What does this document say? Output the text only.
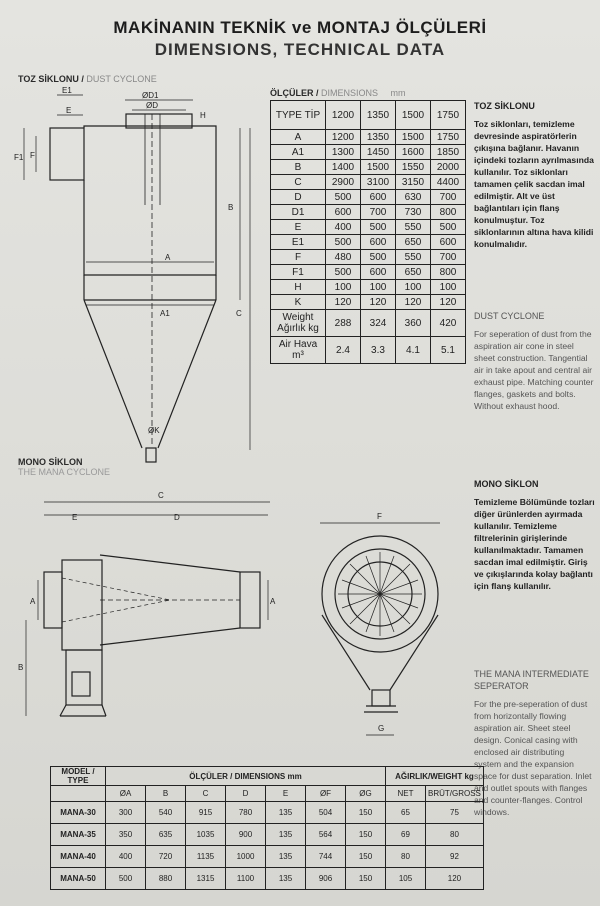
MAKİNANIN TEKNİK ve MONTAJ ÖLÇÜLERİ
DIMENSIONS, TECHNICAL DATA
TOZ SİKLONU / DUST CYCLONE
ÖLÇÜLER / DIMENSIONS mm
MONO SİKLON
THE MANA CYCLONE
E1
E
ØD1
ØD
H
F1 F
B
A
A1	C
ØK
C
E	D
A	A
B
F
G
TYPE TİP	1200	1350	1500	1750
A	1200	1350	1500	1750
A1	1300	1450	1600	1850
B	1400	1500	1550	2000
C	2900	3100	3150	4400
D	500	600	630	700
D1	600	700	730	800
E	400	500	550	500
E1	500	600	650	600
F	480	500	550	700
F1	500	600	650	800
H	100	100	100	100
K	120	120	120	120
Weight Ağırlık kg	288	324	360	420
Air Hava m³	2.4	3.3	4.1	5.1
TOZ SİKLONU
Toz siklonları, temizleme devresinde aspiratörlerin çıkışına bağlanır. Havanın içindeki tozların ayrılmasında kullanılır. Toz siklonları tamamen çelik sacdan imal edilmiştir. Alt ve üst bağlantıları için flanş konulmuştur. Toz siklonlarının altına hava kilidi konulmalıdır.
DUST CYCLONE
For seperation of dust from the aspiration air cone in steel sheet construction. Tangential air in take apout and central air exhaust pipe. Matching counter flanges, gaskets and bolts. Without exhaust hood.
MONO SİKLON
Temizleme Bölümünde tozları diğer ürünlerden ayırmada kullanılır. Temizleme filtrelerinin girişlerinde kullanılmaktadır. Tamamen sacdan imal edilmiştir. Giriş ve çıkışlarında kolay bağlantı için flanş kullanılır.
THE MANA INTERMEDIATE SEPERATOR
For the pre-seperation of dust from horizontally flowing aspiration air. Sheet steel design. Conical casing with enclosed air distributing system and the expansion space for dust separation. Inlet and outlet spouts with flanges and counter-flanges. Control windows.
MODEL / TYPE	ÖLÇÜLER / DIMENSIONS mm							AĞIRLIK/WEIGHT kg	
	ØA	B	C	D	E	ØF	ØG	NET	BRÜT/GROSS
MANA-30	300	540	915	780	135	504	150	65	75
MANA-35	350	635	1035	900	135	564	150	69	80
MANA-40	400	720	1135	1000	135	744	150	80	92
MANA-50	500	880	1315	1100	135	906	150	105	120
